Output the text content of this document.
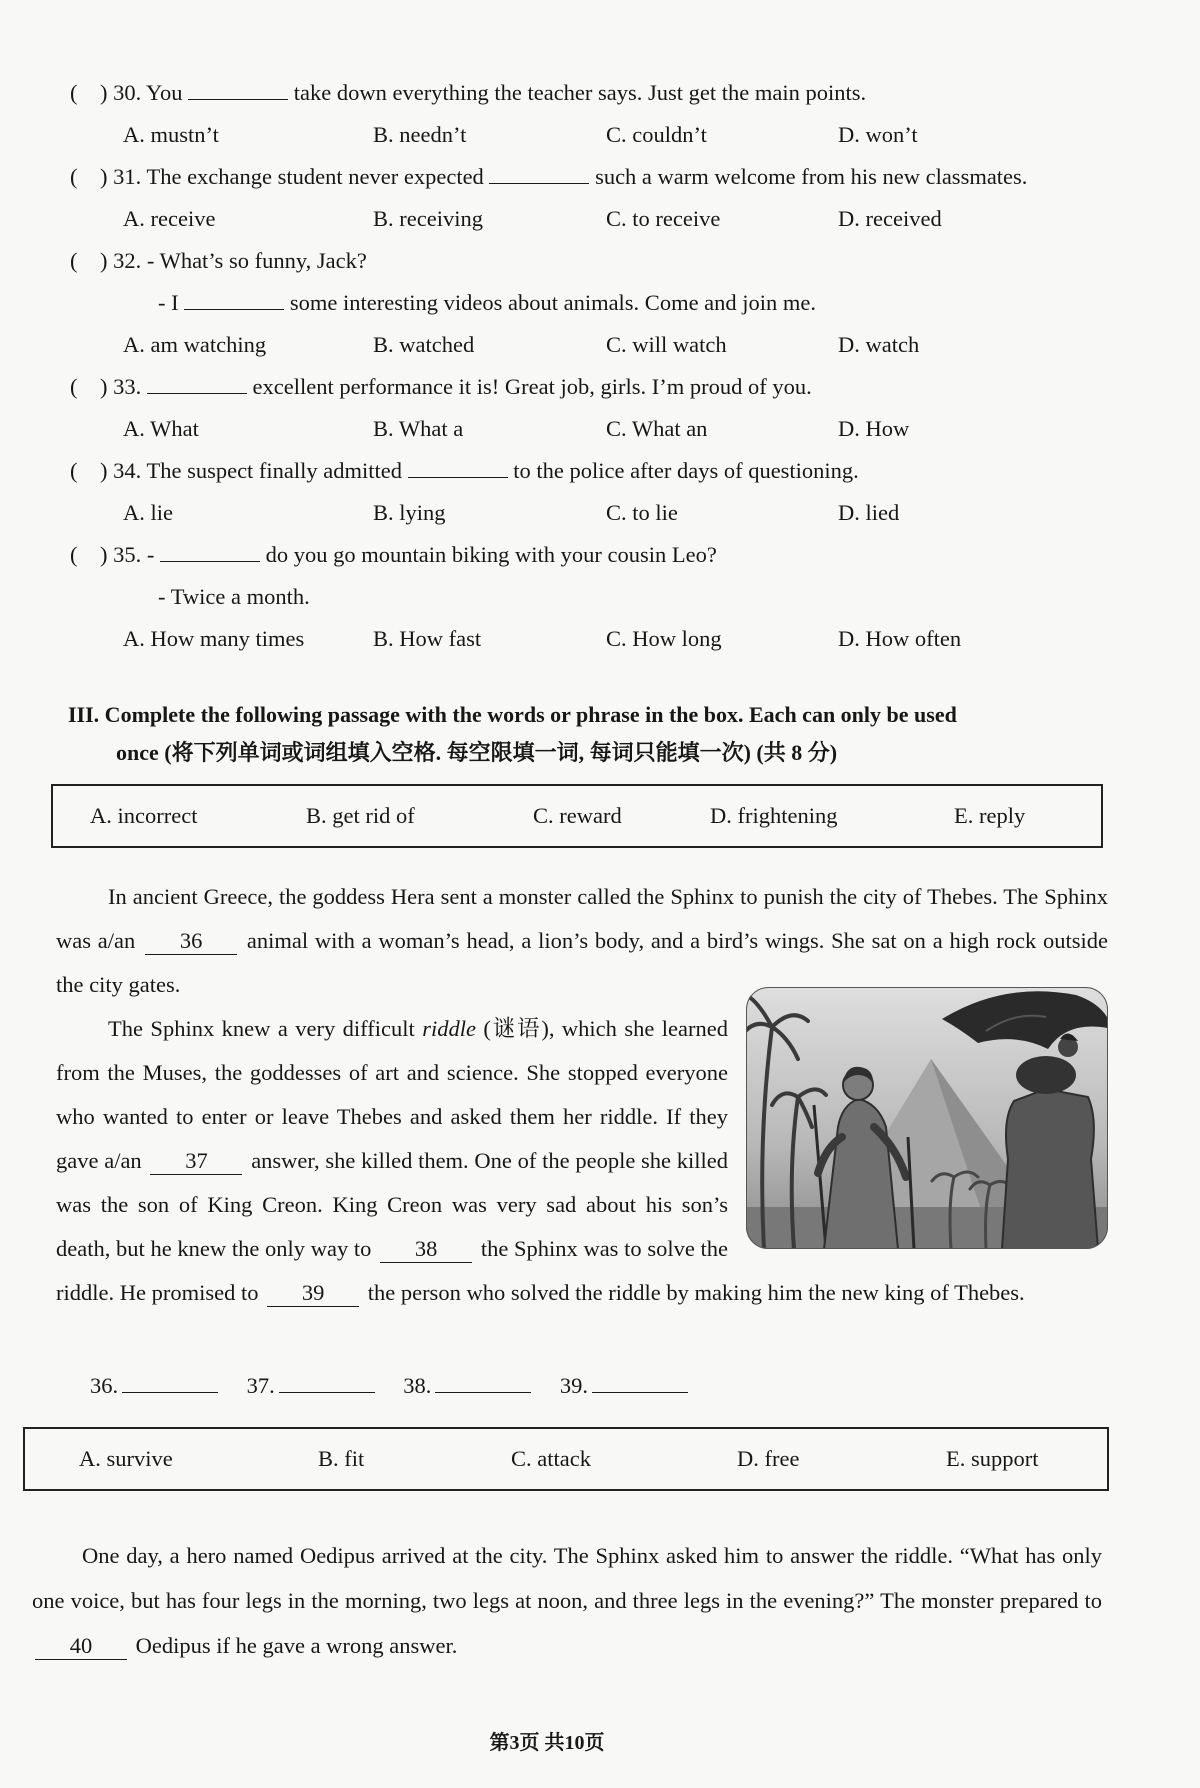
(    ) 30. You	take down everything the teacher says. Just get the main points.
A. mustn’t	B. needn’t	C. couldn’t	D. won’t
(    ) 31. The exchange student never expected	such a warm welcome from his new classmates.
A. receive	B. receiving	C. to receive	D. received
(    ) 32. - What’s so funny, Jack?
- I	some interesting videos about animals. Come and join me.
A. am watching	B. watched	C. will watch	D. watch
(    ) 33.	excellent performance it is! Great job, girls. I’m proud of you.
A. What	B. What a	C. What an	D. How
(    ) 34. The suspect finally admitted	to the police after days of questioning.
A. lie	B. lying	C. to lie	D. lied
(    ) 35. -	do you go mountain biking with your cousin Leo?
- Twice a month.
A. How many times	B. How fast	C. How long	D. How often
III. Complete the following passage with the words or phrase in the box. Each can only be used
once (将下列单词或词组填入空格. 每空限填一词, 每词只能填一次) (共 8 分)
A. incorrect	B. get rid of	C. reward	D. frightening	E. reply

In ancient Greece, the goddess Hera sent a monster called the Sphinx to punish the city of Thebes. The Sphinx was a/an 36 animal with a woman’s head, a lion’s body, and a bird’s wings. She sat on a high rock outside the city gates.

The Sphinx knew a very difficult riddle (谜语), which she learned from the Muses, the goddesses of art and science. She stopped everyone who wanted to enter or leave Thebes and asked them her riddle. If they gave a/an 37 answer, she killed them. One of the people she killed was the son of King Creon. King Creon was very sad about his son’s death, but he knew the only way to 38 the Sphinx was to solve the riddle. He promised to 39 the person who solved the riddle by making him the new king of Thebes.

36.	37.	38.	39.
A. survive	B. fit	C. attack	D. free	E. support
One day, a hero named Oedipus arrived at the city. The Sphinx asked him to answer the riddle. “What has only one voice, but has four legs in the morning, two legs at noon, and three legs in the evening?” The monster prepared to 40 Oedipus if he gave a wrong answer.
第3页 共10页
